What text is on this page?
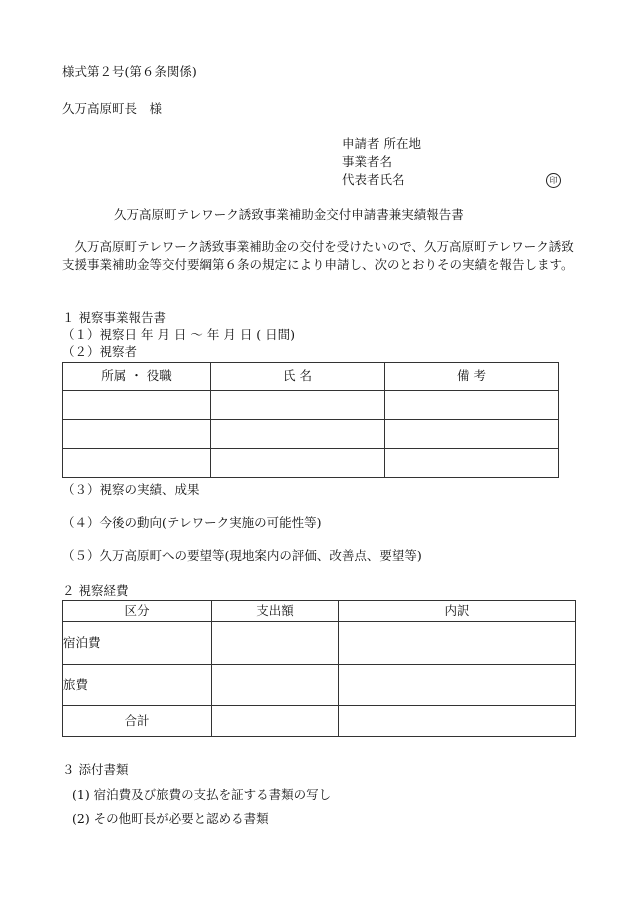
様式第２号(第６条関係)
久万高原町長　様
申請者 所在地
事業者名
代表者氏名	印
久万高原町テレワーク誘致事業補助金交付申請書兼実績報告書
久万高原町テレワーク誘致事業補助金の交付を受けたいので、久万高原町テレワーク誘致支援事業補助金等交付要綱第６条の規定により申請し、次のとおりその実績を報告します。
１ 視察事業報告書
（１）視察日 年 月 日 〜 年 月 日 ( 日間)
（２）視察者
所属 ・ 役職	氏 名	備 考

（３）視察の実績、成果
（４）今後の動向(テレワーク実施の可能性等)
（５）久万高原町への要望等(現地案内の評価、改善点、要望等)
２ 視察経費
区分	支出額	内訳
宿泊費		
旅費		
合計		
３ 添付書類
(1) 宿泊費及び旅費の支払を証する書類の写し
(2) その他町長が必要と認める書類
